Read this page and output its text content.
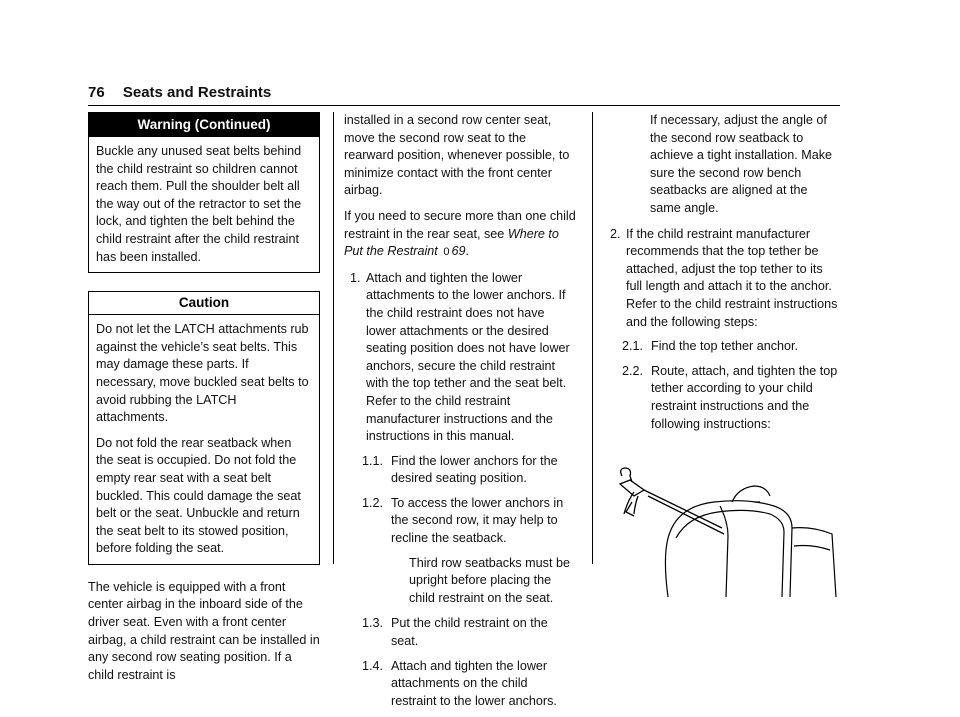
76 Seats and Restraints
Warning (Continued)

Buckle any unused seat belts behind the child restraint so children cannot reach them. Pull the shoulder belt all the way out of the retractor to set the lock, and tighten the belt behind the child restraint after the child restraint has been installed.

Caution

Do not let the LATCH attachments rub against the vehicle’s seat belts. This may damage these parts. If necessary, move buckled seat belts to avoid rubbing the LATCH attachments.

Do not fold the rear seatback when the seat is occupied. Do not fold the empty rear seat with a seat belt buckled. This could damage the seat belt or the seat. Unbuckle and return the seat belt to its stowed position, before folding the seat.

The vehicle is equipped with a front center airbag in the inboard side of the driver seat. Even with a front center airbag, a child restraint can be installed in any second row seating position. If a child restraint is

installed in a second row center seat, move the second row seat to the rearward position, whenever possible, to minimize contact with the front center airbag.

If you need to secure more than one child restraint in the rear seat, see Where to Put the Restraint 0 69.

1. Attach and tighten the lower attachments to the lower anchors. If the child restraint does not have lower attachments or the desired seating position does not have lower anchors, secure the child restraint with the top tether and the seat belt. Refer to the child restraint manufacturer instructions and the instructions in this manual.
1.1. Find the lower anchors for the desired seating position.
1.2. To access the lower anchors in the second row, it may help to recline the seatback.

Third row seatbacks must be upright before placing the child restraint on the seat.

1.3. Put the child restraint on the seat.
1.4. Attach and tighten the lower attachments on the child restraint to the lower anchors.

If necessary, adjust the angle of the second row seatback to achieve a tight installation. Make sure the second row bench seatbacks are aligned at the same angle.

2. If the child restraint manufacturer recommends that the top tether be attached, adjust the top tether to its full length and attach it to the anchor. Refer to the child restraint instructions and the following steps:
2.1. Find the top tether anchor.
2.2. Route, attach, and tighten the top tether according to your child restraint instructions and the following instructions:
